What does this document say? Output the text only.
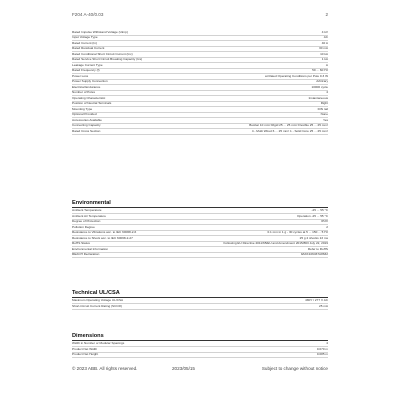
F204 A-40/0.03	2
Rated Impulse Withstand Voltage (Uimp)	4 kV
Input Voltage Type	AC
Rated Current (In)	40 A
Rated Residual Current	30 mA
Rated Conditional Short Circuit Current (Inc)	10 kA
Rated Service Short Circuit Breaking Capacity (Ics)	1 kA
Leakage Current Type	A
Rated Frequency (f)	50 ... 60 Hz
Power Loss	at Rated Operating Conditions per Pole 0.3 W
Power Supply Connection	Arbitrary
Electrical Endurance	10000 cycle
Number of Poles	4
Operating Characteristic	Instantaneous
Position of Neutral Terminals	Right
Mounting Type	DIN rail
Optional Provided	None
Accessories Available	Yes
Connecting Capacity	Busbar 10 mm² Rigid 25 ... 25 mm² Flexible 25 ... 25 mm²
Rated Cross Section	4 - Multi Wired 6 ... 25 mm² 1 - Solid Core 25 ... 25 mm²
Environmental
Ambient Temperature	-25 ... 55 °C
Ambient Air Temperature	Operation -25 ... 55 °C
Degree of Protection	IP2X
Pollution Degree	2
Resistance to Vibrations acc. to IEC 60068-2-6	0.1 mm in 1 g - 30 cycles at 5 ... 150 ... 5 Hz
Resistance to Shock acc. to IEC 60068-2-27	25 g 2 shocks 13 ms
RoHS Status	Following EU Directive 2011/65/EU and Amendment 2015/863 July 22, 2019
Environmental Information	Refer to RoHS
REACH Declaration	9AKK106467A8632
Technical UL/CSA
Maximum Operating Voltage UL/CSA	480Y / 277 V AC
Short-Circuit Current Rating (SCCR)	25 mA
Dimensions
Width in Number or Modular Spacings	4
Product Net Width	0.070 m
Product Net Height	0.085 m
© 2023 ABB. All rights reserved.	2023/05/15	Subject to change without notice
